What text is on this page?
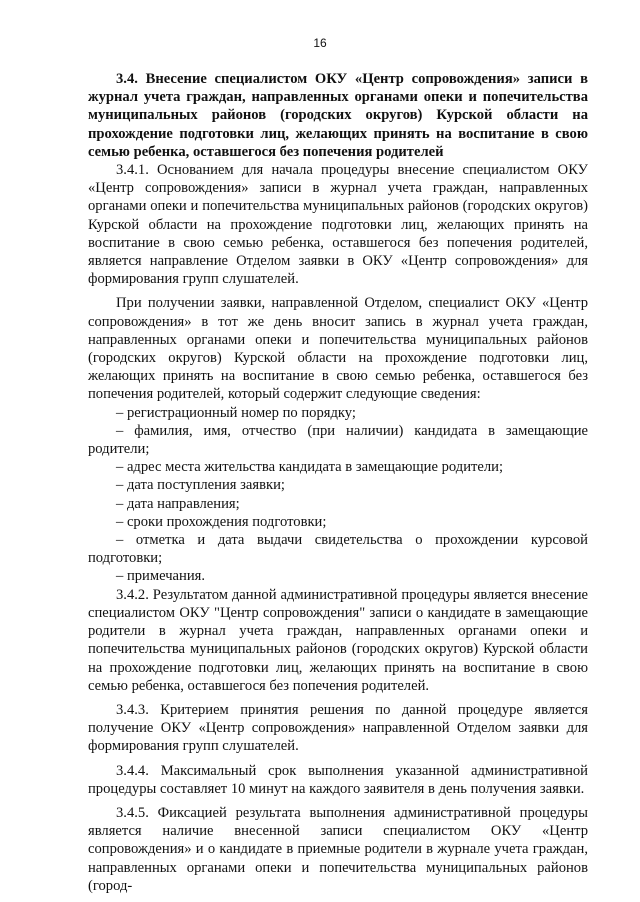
16

3.4. Внесение специалистом ОКУ «Центр сопровождения» записи в журнал учета граждан, направленных органами опеки и попечительства муниципальных районов (городских округов) Курской области на прохождение подготовки лиц, желающих принять на воспитание в свою семью ребенка, оставшегося без попечения родителей

3.4.1. Основанием для начала процедуры внесение специалистом ОКУ «Центр сопровождения» записи в журнал учета граждан, направленных органами опеки и попечительства муниципальных районов (городских округов) Курской области на прохождение подготовки лиц, желающих принять на воспитание в свою семью ребенка, оставшегося без попечения родителей, является направление Отделом заявки в ОКУ «Центр сопровождения» для формирования групп слушателей.

При получении заявки, направленной Отделом, специалист ОКУ «Центр сопровождения» в тот же день вносит запись в журнал учета граждан, направленных органами опеки и попечительства муниципальных районов (городских округов) Курской области на прохождение подготовки лиц, желающих принять на воспитание в свою семью ребенка, оставшегося без попечения родителей, который содержит следующие сведения:

– регистрационный номер по порядку;
– фамилия, имя, отчество (при наличии) кандидата в замещающие родители;
– адрес места жительства кандидата в замещающие родители;
– дата поступления заявки;
– дата направления;
– сроки прохождения подготовки;
– отметка и дата выдачи свидетельства о прохождении курсовой подготовки;
– примечания.

3.4.2. Результатом данной административной процедуры является внесение специалистом ОКУ "Центр сопровождения" записи о кандидате в замещающие родители в журнал учета граждан, направленных органами опеки и попечительства муниципальных районов (городских округов) Курской области на прохождение подготовки лиц, желающих принять на воспитание в свою семью ребенка, оставшегося без попечения родителей.

3.4.3. Критерием принятия решения по данной процедуре является получение ОКУ «Центр сопровождения» направленной Отделом заявки для формирования групп слушателей.

3.4.4. Максимальный срок выполнения указанной административной процедуры составляет 10 минут на каждого заявителя в день получения заявки.

3.4.5. Фиксацией результата выполнения административной процедуры является наличие внесенной записи специалистом ОКУ «Центр сопровождения» и о кандидате в приемные родители в журнале учета граждан, направленных органами опеки и попечительства муниципальных районов (город-
